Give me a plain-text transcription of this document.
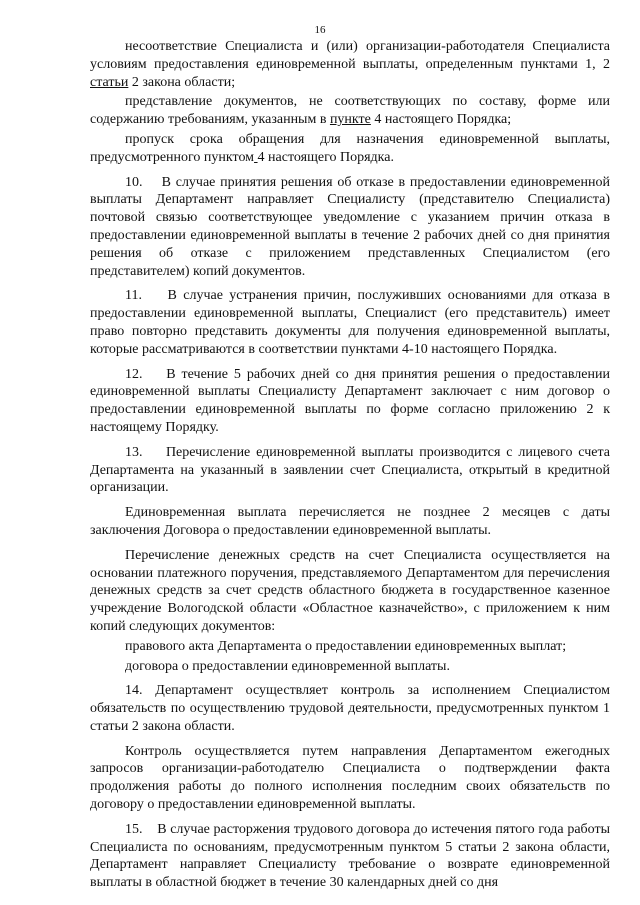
16

несоответствие Специалиста и (или) организации-работодателя Специалиста условиям предоставления единовременной выплаты, определенным пунктами 1, 2 статьи 2 закона области;

представление документов, не соответствующих по составу, форме или содержанию требованиям, указанным в пункте 4 настоящего Порядка;

пропуск срока обращения для назначения единовременной выплаты, предусмотренного пунктом 4 настоящего Порядка.

10.    В случае принятия решения об отказе в предоставлении единовременной выплаты Департамент направляет Специалисту (представителю Специалиста) почтовой связью соответствующее уведомление с указанием причин отказа в предоставлении единовременной выплаты в течение 2 рабочих дней со дня принятия решения об отказе с приложением представленных Специалистом (его представителем) копий документов.

11.    В случае устранения причин, послуживших основаниями для отказа в предоставлении единовременной выплаты, Специалист (его представитель) имеет право повторно представить документы для получения единовременной выплаты, которые рассматриваются в соответствии пунктами 4-10 настоящего Порядка.

12.    В течение 5 рабочих дней со дня принятия решения о предоставлении единовременной выплаты Специалисту Департамент заключает с ним договор о предоставлении единовременной выплаты по форме согласно приложению 2 к настоящему Порядку.

13.    Перечисление единовременной выплаты производится с лицевого счета Департамента на указанный в заявлении счет Специалиста, открытый в кредитной организации.

Единовременная выплата перечисляется не позднее 2 месяцев с даты заключения Договора о предоставлении единовременной выплаты.

Перечисление денежных средств на счет Специалиста осуществляется на основании платежного поручения, представляемого Департаментом для перечисления денежных средств за счет средств областного бюджета в государственное казенное учреждение Вологодской области «Областное казначейство», с приложением к ним копий следующих документов:

правового акта Департамента о предоставлении единовременных выплат;

договора о предоставлении единовременной выплаты.

14. Департамент осуществляет контроль за исполнением Специалистом обязательств по осуществлению трудовой деятельности, предусмотренных пунктом 1 статьи 2 закона области.

Контроль осуществляется путем направления Департаментом ежегодных запросов организации-работодателю Специалиста о подтверждении факта продолжения работы до полного исполнения последним своих обязательств по договору о предоставлении единовременной выплаты.

15.    В случае расторжения трудового договора до истечения пятого года работы Специалиста по основаниям, предусмотренным пунктом 5 статьи 2 закона области, Департамент направляет Специалисту требование о возврате единовременной выплаты в областной бюджет в течение 30 календарных дней со дня
